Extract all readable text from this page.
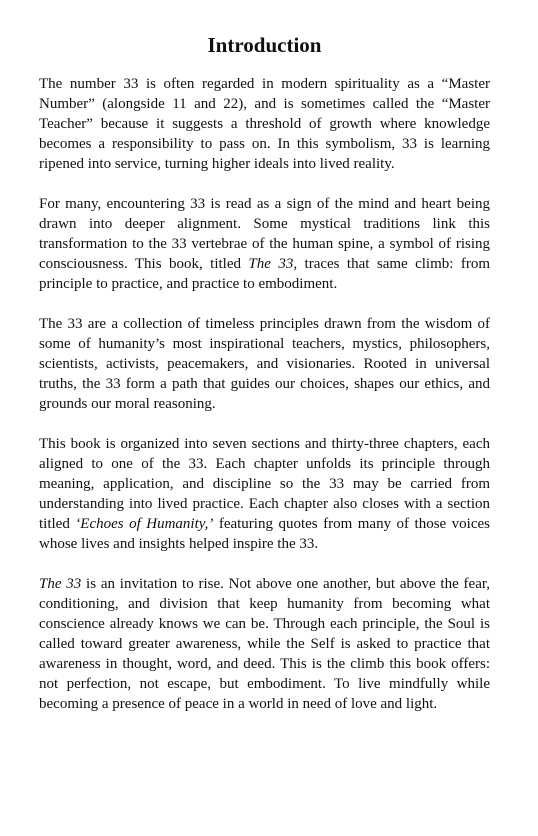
Introduction

The number 33 is often regarded in modern spirituality as a “Master Number” (alongside 11 and 22), and is sometimes called the “Master Teacher” because it suggests a threshold of growth where knowledge becomes a responsibility to pass on. In this symbolism, 33 is learning ripened into service, turning higher ideals into lived reality.

For many, encountering 33 is read as a sign of the mind and heart being drawn into deeper alignment. Some mystical traditions link this transformation to the 33 vertebrae of the human spine, a symbol of rising consciousness. This book, titled The 33, traces that same climb: from principle to practice, and practice to embodiment.

The 33 are a collection of timeless principles drawn from the wisdom of some of humanity’s most inspirational teachers, mystics, philosophers, scientists, activists, peacemakers, and visionaries. Rooted in universal truths, the 33 form a path that guides our choices, shapes our ethics, and grounds our moral reasoning.

This book is organized into seven sections and thirty-three chapters, each aligned to one of the 33. Each chapter unfolds its principle through meaning, application, and discipline so the 33 may be carried from understanding into lived practice. Each chapter also closes with a section titled ‘Echoes of Humanity,’ featuring quotes from many of those voices whose lives and insights helped inspire the 33.

The 33 is an invitation to rise. Not above one another, but above the fear, conditioning, and division that keep humanity from becoming what conscience already knows we can be. Through each principle, the Soul is called toward greater awareness, while the Self is asked to practice that awareness in thought, word, and deed. This is the climb this book offers: not perfection, not escape, but embodiment. To live mindfully while becoming a presence of peace in a world in need of love and light.
